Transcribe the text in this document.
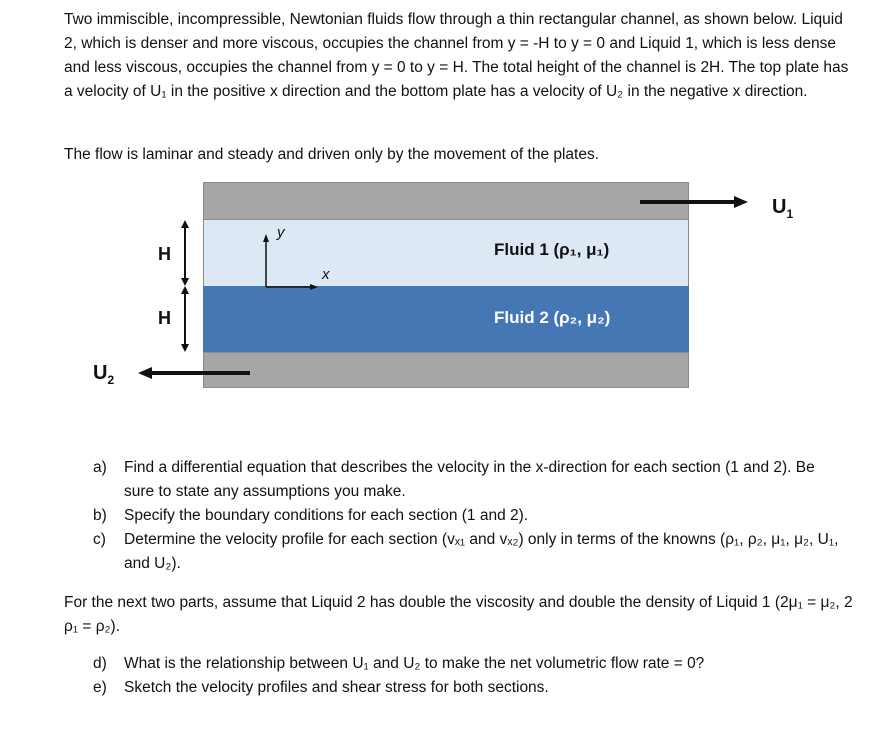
Two immiscible, incompressible, Newtonian fluids flow through a thin rectangular channel, as shown below. Liquid 2, which is denser and more viscous, occupies the channel from y = -H to y = 0 and Liquid 1, which is less dense and less viscous, occupies the channel from y = 0 to y = H. The total height of the channel is 2H. The top plate has a velocity of U₁ in the positive x direction and the bottom plate has a velocity of U₂ in the negative x direction.

The flow is laminar and steady and driven only by the movement of the plates.

Fluid 1 (ρ₁, μ₁)
Fluid 2 (ρ₂, μ₂)
H
H
$U_1$
$U_2$
y
x
a) Find a differential equation that describes the velocity in the x-direction for each section (1 and 2). Be sure to state any assumptions you make.
b) Specify the boundary conditions for each section (1 and 2).
c) Determine the velocity profile for each section (vₓ₁ and vₓ₂) only in terms of the knowns (ρ₁, ρ₂, μ₁, μ₂, U₁, and U₂).

For the next two parts, assume that Liquid 2 has double the viscosity and double the density of Liquid 1 (2μ₁ = μ₂, 2 ρ₁ = ρ₂).

d) What is the relationship between U₁ and U₂ to make the net volumetric flow rate = 0?
e) Sketch the velocity profiles and shear stress for both sections.
